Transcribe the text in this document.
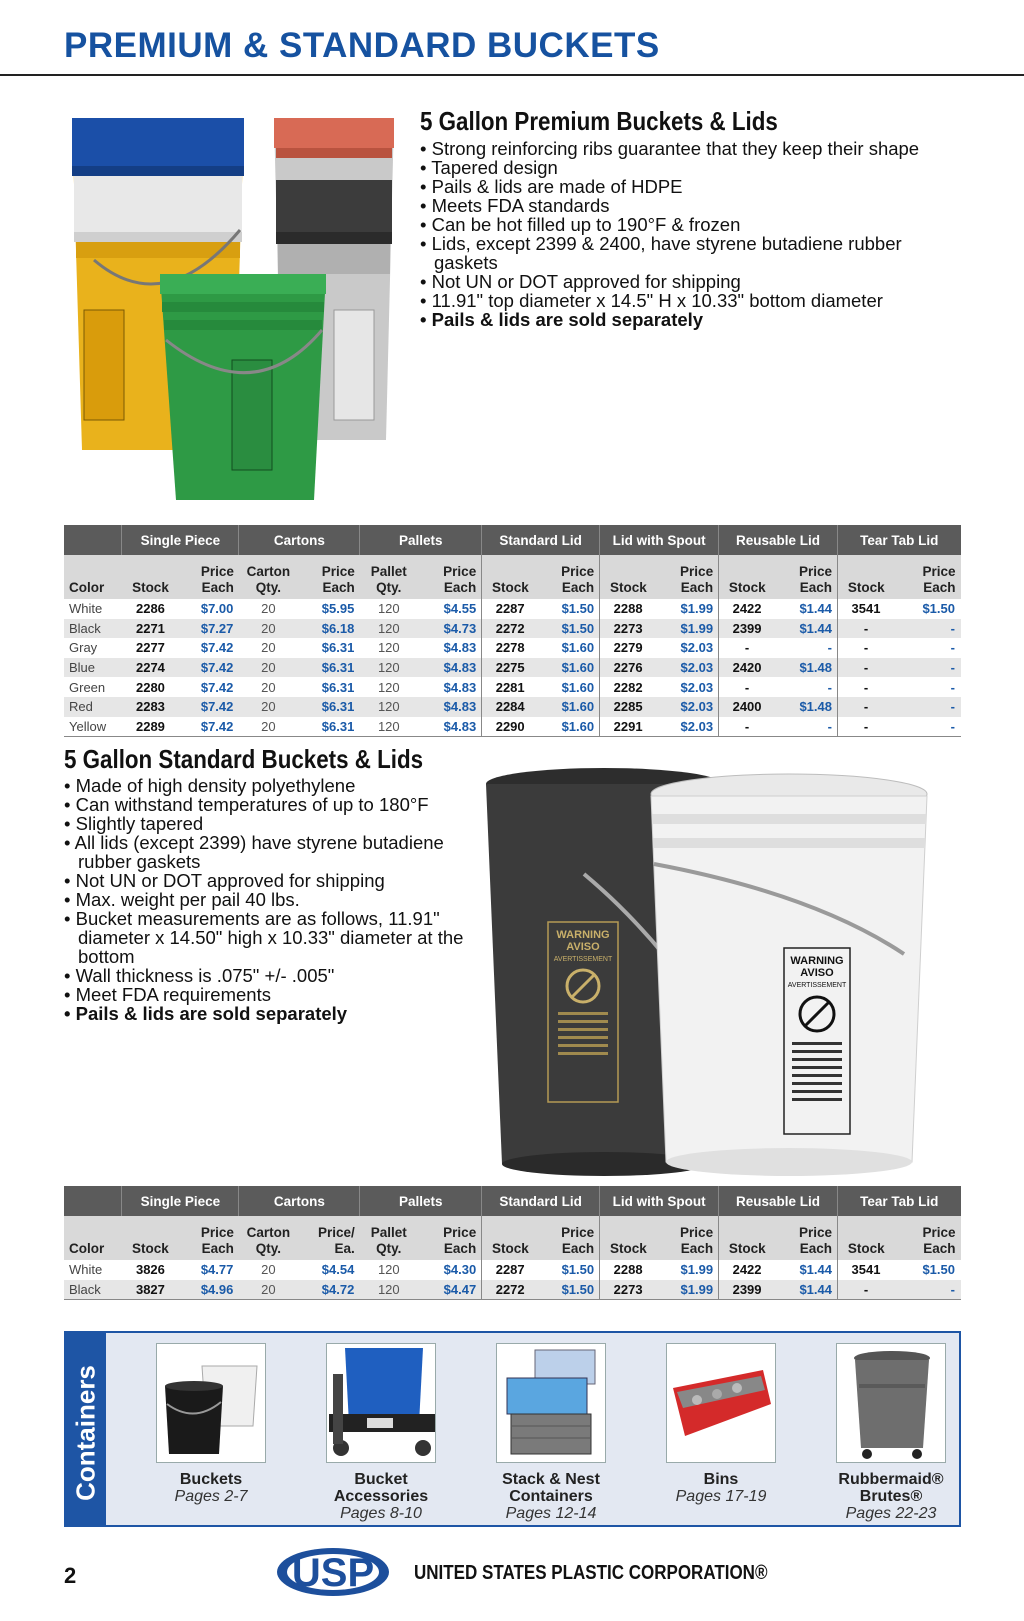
PREMIUM & STANDARD BUCKETS
5 Gallon Premium Buckets & Lids
• Strong reinforcing ribs guarantee that they keep their shape
• Tapered design
• Pails & lids are made of HDPE
• Meets FDA standards
• Can be hot filled up to 190°F & frozen
• Lids, except 2399 & 2400, have styrene butadiene rubber gaskets
• Not UN or DOT approved for shipping
• 11.91" top diameter x 14.5" H x 10.33" bottom diameter
• Pails & lids are sold separately
	Single Piece		Cartons		Pallets		Standard Lid		Lid with Spout		Reusable Lid		Tear Tab Lid	
Color	Stock	Price Each	Carton Qty.	Price Each	Pallet Qty.	Price Each	Stock	Price Each	Stock	Price Each	Stock	Price Each	Stock	Price Each
White	2286	$7.00	20	$5.95	120	$4.55	2287	$1.50	2288	$1.99	2422	$1.44	3541	$1.50
Black	2271	$7.27	20	$6.18	120	$4.73	2272	$1.50	2273	$1.99	2399	$1.44	-	-
Gray	2277	$7.42	20	$6.31	120	$4.83	2278	$1.60	2279	$2.03	-	-	-	-
Blue	2274	$7.42	20	$6.31	120	$4.83	2275	$1.60	2276	$2.03	2420	$1.48	-	-
Green	2280	$7.42	20	$6.31	120	$4.83	2281	$1.60	2282	$2.03	-	-	-	-
Red	2283	$7.42	20	$6.31	120	$4.83	2284	$1.60	2285	$2.03	2400	$1.48	-	-
Yellow	2289	$7.42	20	$6.31	120	$4.83	2290	$1.60	2291	$2.03	-	-	-	-
5 Gallon Standard Buckets & Lids
• Made of high density polyethylene
• Can withstand temperatures of up to 180°F
• Slightly tapered
• All lids (except 2399) have styrene butadiene rubber gaskets
• Not UN or DOT approved for shipping
• Max. weight per pail 40 lbs.
• Bucket measurements are as follows, 11.91" diameter x 14.50" high x 10.33" diameter at the bottom
• Wall thickness is .075" +/- .005"
• Meet FDA requirements
• Pails & lids are sold separately
WARNING
AVISO
AVERTISSEMENT	WARNING
AVISO
AVERTISSEMENT
	Single Piece		Cartons		Pallets		Standard Lid		Lid with Spout		Reusable Lid		Tear Tab Lid	
Color	Stock	Price Each	Carton Qty.	Price/ Ea.	Pallet Qty.	Price Each	Stock	Price Each	Stock	Price Each	Stock	Price Each	Stock	Price Each
White	3826	$4.77	20	$4.54	120	$4.30	2287	$1.50	2288	$1.99	2422	$1.44	3541	$1.50
Black	3827	$4.96	20	$4.72	120	$4.47	2272	$1.50	2273	$1.99	2399	$1.44	-	-
Containers	Buckets
Pages 2-7
Bucket Accessories
Pages 8-10
Stack & Nest Containers
Pages 12-14
Bins
Pages 17-19
Rubbermaid® Brutes®
Pages 22-23
2	USP UNITED STATES PLASTIC CORPORATION®
